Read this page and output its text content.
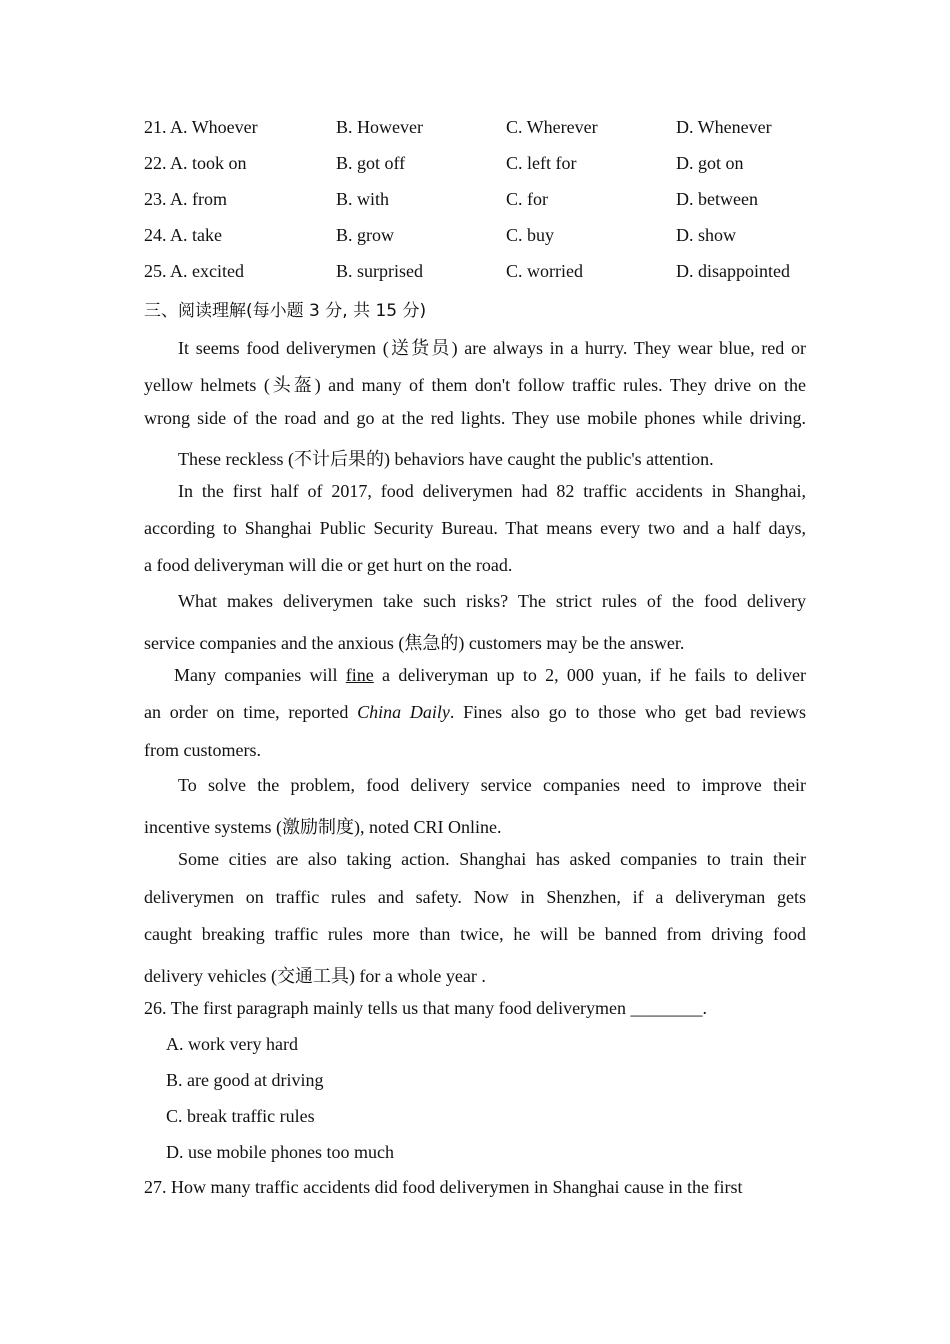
21. A. Whoever	B. However	C. Wherever	D. Whenever
22. A. took on	B. got off	C. left for	D. got on
23. A. from	B. with	C. for	D. between
24. A. take	B. grow	C. buy	D. show
25. A. excited	B. surprised	C. worried	D. disappointed
三、阅读理解(每小题 3 分, 共 15 分)
It seems food deliverymen (送货员) are always in a hurry. They wear blue, red or
yellow helmets (头盔) and many of them don't follow traffic rules. They drive on the
wrong side of the road and go at the red lights. They use mobile phones while driving.
These reckless (不计后果的) behaviors have caught the public's attention.
In the first half of 2017, food deliverymen had 82 traffic accidents in Shanghai,
according to Shanghai Public Security Bureau. That means every two and a half days,
a food deliveryman will die or get hurt on the road.
What makes deliverymen take such risks? The strict rules of the food delivery
service companies and the anxious (焦急的) customers may be the answer.
Many companies will fine a deliveryman up to 2, 000 yuan, if he fails to deliver
an order on time, reported China Daily. Fines also go to those who get bad reviews
from customers.
To solve the problem, food delivery service companies need to improve their
incentive systems (激励制度), noted CRI Online.
Some cities are also taking action. Shanghai has asked companies to train their
deliverymen on traffic rules and safety. Now in Shenzhen, if a deliveryman gets
caught breaking traffic rules more than twice, he will be banned from driving food
delivery vehicles (交通工具) for a whole year .
26. The first paragraph mainly tells us that many food deliverymen ________.
A. work very hard
B. are good at driving
C. break traffic rules
D. use mobile phones too much
27. How many traffic accidents did food deliverymen in Shanghai cause in the first
